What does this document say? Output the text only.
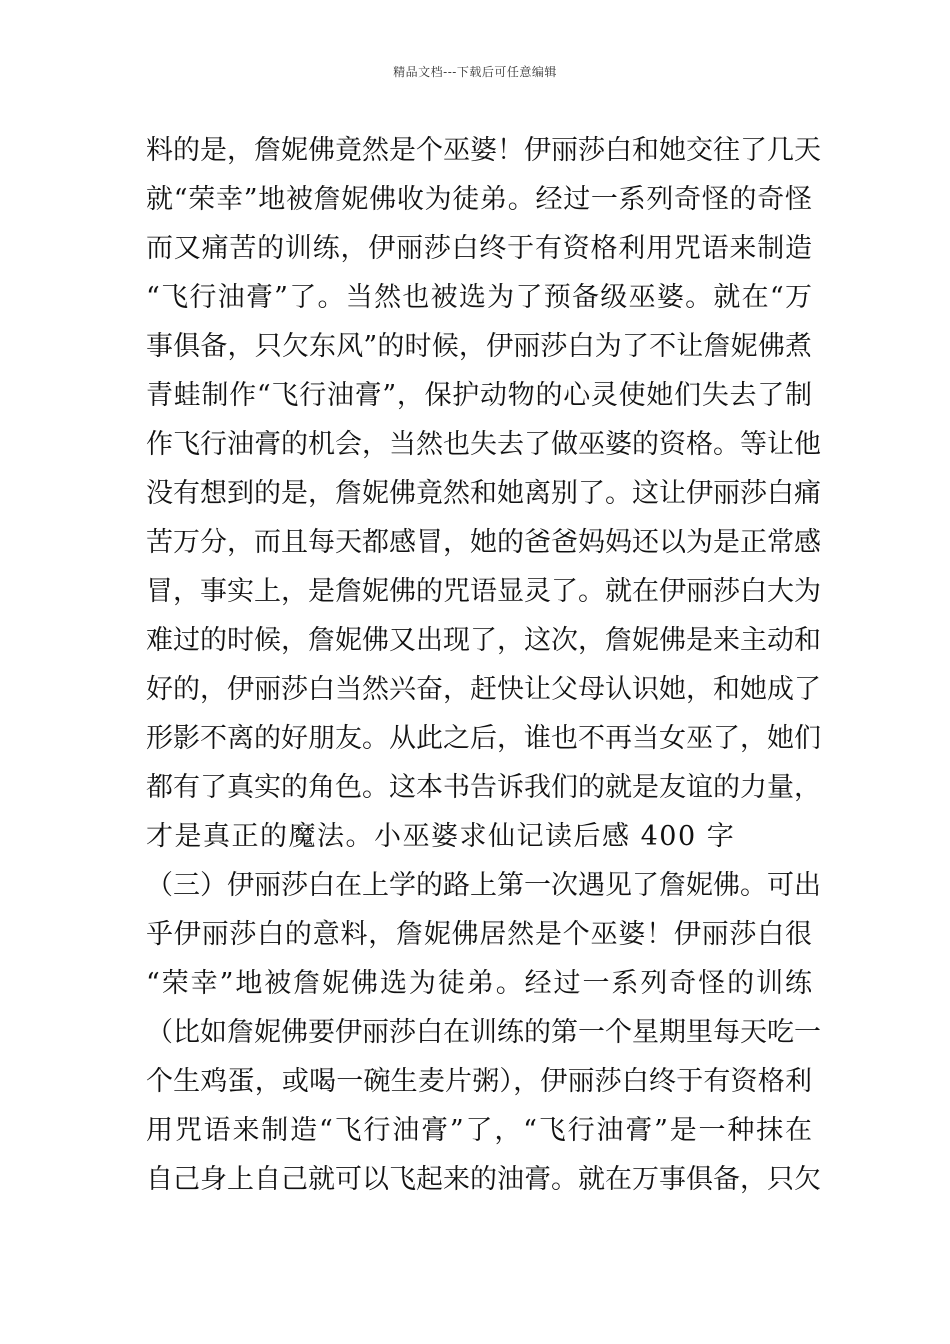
精品文档---下载后可任意编辑
料的是，詹妮佛竟然是个巫婆！伊丽莎白和她交往了几天
就“荣幸”地被詹妮佛收为徒弟。经过一系列奇怪的奇怪
而又痛苦的训练，伊丽莎白终于有资格利用咒语来制造
“飞行油膏”了。当然也被选为了预备级巫婆。就在“万
事俱备，只欠东风”的时候，伊丽莎白为了不让詹妮佛煮
青蛙制作“飞行油膏”，保护动物的心灵使她们失去了制
作飞行油膏的机会，当然也失去了做巫婆的资格。等让他
没有想到的是，詹妮佛竟然和她离别了。这让伊丽莎白痛
苦万分，而且每天都感冒，她的爸爸妈妈还以为是正常感
冒，事实上，是詹妮佛的咒语显灵了。就在伊丽莎白大为
难过的时候，詹妮佛又出现了，这次，詹妮佛是来主动和
好的，伊丽莎白当然兴奋，赶快让父母认识她，和她成了
形影不离的好朋友。从此之后，谁也不再当女巫了，她们
都有了真实的角色。这本书告诉我们的就是友谊的力量，
才是真正的魔法。小巫婆求仙记读后感 400 字
（三）伊丽莎白在上学的路上第一次遇见了詹妮佛。可出
乎伊丽莎白的意料，詹妮佛居然是个巫婆！伊丽莎白很
“荣幸”地被詹妮佛选为徒弟。经过一系列奇怪的训练
（比如詹妮佛要伊丽莎白在训练的第一个星期里每天吃一
个生鸡蛋，或喝一碗生麦片粥），伊丽莎白终于有资格利
用咒语来制造“飞行油膏”了，“飞行油膏”是一种抹在
自己身上自己就可以飞起来的油膏。就在万事俱备，只欠
